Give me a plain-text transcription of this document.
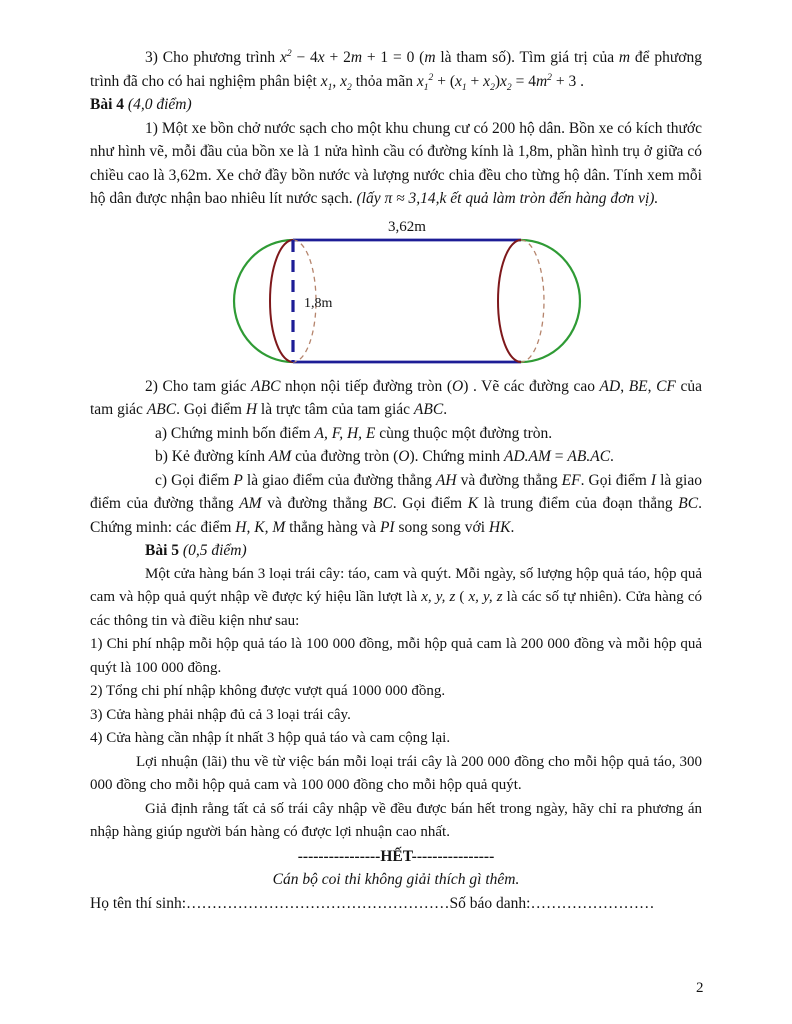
3) Cho phương trình $x^2 - 4x + 2m + 1 = 0$ (m là tham số). Tìm giá trị của m để phương trình đã cho có hai nghiệm phân biệt $x_1$, $x_2$ thỏa mãn $x_1^2 + (x_1 + x_2)x_2 = 4m^2 + 3$ .

Bài 4 (4,0 điểm)

1) Một xe bồn chở nước sạch cho một khu chung cư có 200 hộ dân. Bồn xe có kích thước như hình vẽ, mỗi đầu của bồn xe là 1 nửa hình cầu có đường kính là 1,8m, phần hình trụ ở giữa có chiều cao là 3,62m. Xe chở đầy bồn nước và lượng nước chia đều cho từng hộ dân. Tính xem mỗi hộ dân được nhận bao nhiêu lít nước sạch. (lấy π ≈ 3,14,k ết quả làm tròn đến hàng đơn vị).

3,62m
1,8m

2) Cho tam giác ABC nhọn nội tiếp đường tròn (O) . Vẽ các đường cao AD, BE, CF của tam giác ABC. Gọi điểm H là trực tâm của tam giác ABC.

a) Chứng minh bốn điểm A, F, H, E cùng thuộc một đường tròn.

b) Kẻ đường kính AM của đường tròn (O). Chứng minh AD.AM = AB.AC.

c) Gọi điểm P là giao điểm của đường thẳng AH và đường thẳng EF. Gọi điểm I là giao điểm của đường thẳng AM và đường thẳng BC. Gọi điểm K là trung điểm của đoạn thẳng BC. Chứng minh: các điểm H, K, M thẳng hàng và PI song song với HK.

Bài 5 (0,5 điểm)

Một cửa hàng bán 3 loại trái cây: táo, cam và quýt. Mỗi ngày, số lượng hộp quả táo, hộp quả cam và hộp quả quýt nhập về được ký hiệu lần lượt là x, y, z ( x, y, z là các số tự nhiên). Cửa hàng có các thông tin và điều kiện như sau:

1) Chi phí nhập mỗi hộp quả táo là 100 000 đồng, mỗi hộp quả cam là 200 000 đồng và mỗi hộp quả quýt là 100 000 đồng.

2) Tổng chi phí nhập không được vượt quá 1000 000 đồng.

3) Cửa hàng phải nhập đủ cả 3 loại trái cây.

4) Cửa hàng cần nhập ít nhất 3 hộp quả táo và cam cộng lại.

Lợi nhuận (lãi) thu về từ việc bán mỗi loại trái cây là 200 000 đồng cho mỗi hộp quả táo, 300 000 đồng cho mỗi hộp quả cam và 100 000 đồng cho mỗi hộp quả quýt.

Giả định rằng tất cả số trái cây nhập về đều được bán hết trong ngày, hãy chỉ ra phương án nhập hàng giúp người bán hàng có được lợi nhuận cao nhất.

----------------HẾT----------------

Cán bộ coi thi không giải thích gì thêm.

Họ tên thí sinh:……………………………………………Số báo danh:……………………

2
